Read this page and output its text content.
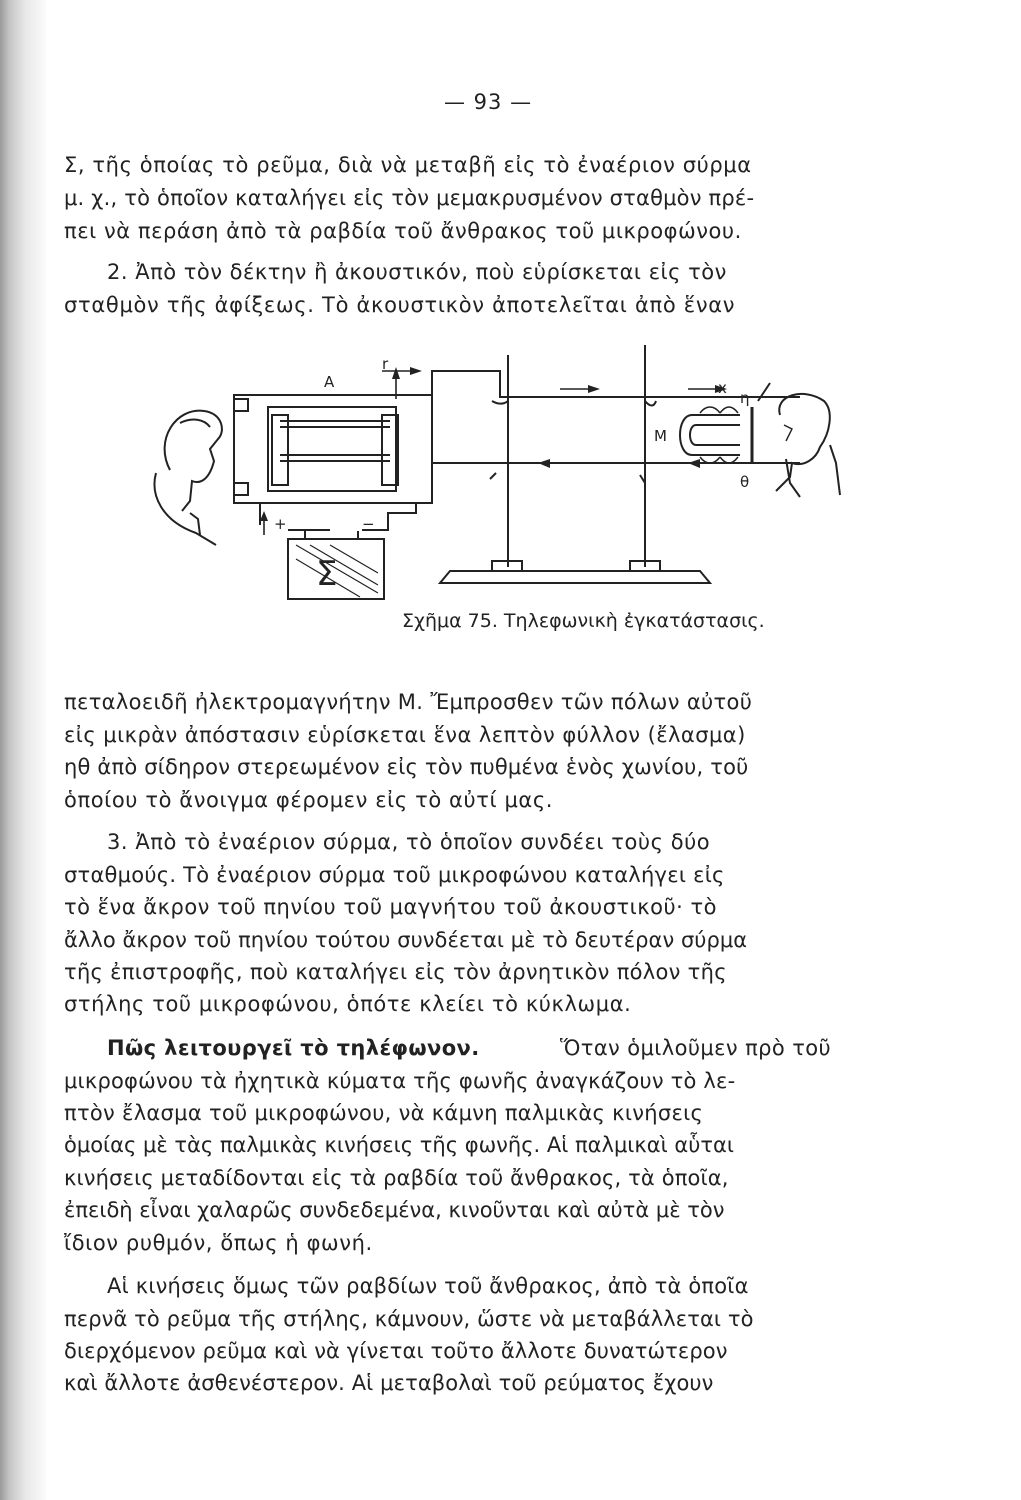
— 93 —

Σ, τῆς ὁποίας τὸ ρεῦμα, διὰ νὰ μεταβῆ εἰς τὸ ἐναέριον σύρμα

μ. χ., τὸ ὁποῖον καταλήγει εἰς τὸν μεμακρυσμένον σταθμὸν πρέ-

πει νὰ περάση ἀπὸ τὰ ραβδία τοῦ ἄνθρακος τοῦ μικροφώνου.

2. Ἀπὸ τὸν δέκτην ἢ ἀκουστικόν, ποὺ εὑρίσκεται εἰς τὸν

σταθμὸν τῆς ἀφίξεως. Τὸ ἀκουστικὸν ἀποτελεῖται ἀπὸ ἕναν

A
r
x
M
η
θ
Σ
+	−
Σχῆμα 75. Τηλεφωνικὴ ἐγκατάστασις.

πεταλοειδῆ ἠλεκτρομαγνήτην Μ. Ἔμπροσθεν τῶν πόλων αὐτοῦ

εἰς μικρὰν ἀπόστασιν εὑρίσκεται ἕνα λεπτὸν φύλλον (ἔλασμα)

ηθ ἀπὸ σίδηρον στερεωμένον εἰς τὸν πυθμένα ἑνὸς χωνίου, τοῦ

ὁποίου τὸ ἄνοιγμα φέρομεν εἰς τὸ αὐτί μας.

3. Ἀπὸ τὸ ἐναέριον σύρμα, τὸ ὁποῖον συνδέει τοὺς δύο

σταθμούς. Τὸ ἐναέριον σύρμα τοῦ μικροφώνου καταλήγει εἰς

τὸ ἕνα ἄκρον τοῦ πηνίου τοῦ μαγνήτου τοῦ ἀκουστικοῦ· τὸ

ἄλλο ἄκρον τοῦ πηνίου τούτου συνδέεται μὲ τὸ δευτέραν σύρμα

τῆς ἐπιστροφῆς, ποὺ καταλήγει εἰς τὸν ἀρνητικὸν πόλον τῆς

στήλης τοῦ μικροφώνου, ὁπότε κλείει τὸ κύκλωμα.

Πῶς λειτουργεῖ τὸ τηλέφωνον.	Ὅταν ὁμιλοῦμεν πρὸ τοῦ

μικροφώνου τὰ ἠχητικὰ κύματα τῆς φωνῆς ἀναγκάζουν τὸ λε-

πτὸν ἔλασμα τοῦ μικροφώνου, νὰ κάμνη παλμικὰς κινήσεις

ὁμοίας μὲ τὰς παλμικὰς κινήσεις τῆς φωνῆς. Αἱ παλμικαὶ αὗται

κινήσεις μεταδίδονται εἰς τὰ ραβδία τοῦ ἄνθρακος, τὰ ὁποῖα,

ἐπειδὴ εἶναι χαλαρῶς συνδεδεμένα, κινοῦνται καὶ αὐτὰ μὲ τὸν

ἴδιον ρυθμόν, ὅπως ἡ φωνή.

Αἱ κινήσεις ὅμως τῶν ραβδίων τοῦ ἄνθρακος, ἀπὸ τὰ ὁποῖα

περνᾶ τὸ ρεῦμα τῆς στήλης, κάμνουν, ὥστε νὰ μεταβάλλεται τὸ

διερχόμενον ρεῦμα καὶ νὰ γίνεται τοῦτο ἄλλοτε δυνατώτερον

καὶ ἄλλοτε ἀσθενέστερον. Αἱ μεταβολαὶ τοῦ ρεύματος ἔχουν
